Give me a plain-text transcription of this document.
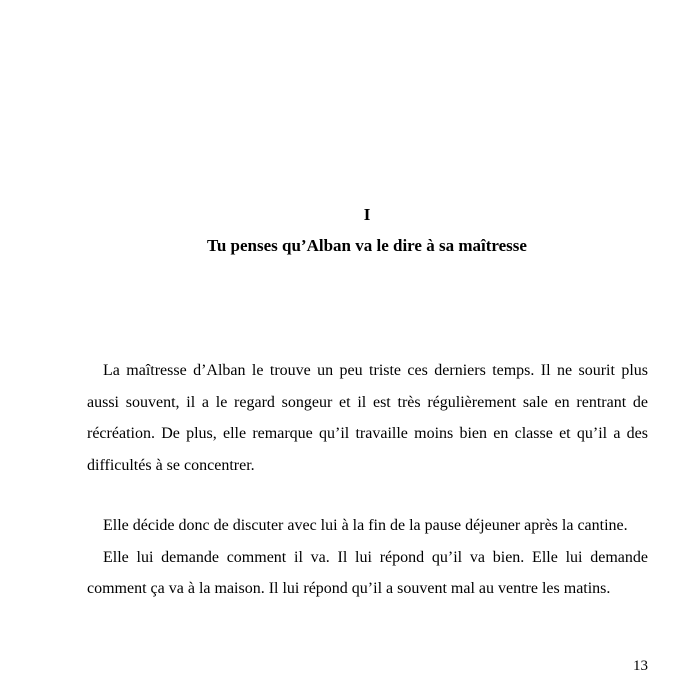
I
Tu penses qu’Alban va le dire à sa maîtresse

La maîtresse d’Alban le trouve un peu triste ces derniers temps. Il ne sourit plus aussi souvent, il a le regard songeur et il est très régulièrement sale en rentrant de récréation. De plus, elle remarque qu’il travaille moins bien en classe et qu’il a des difficultés à se concentrer.

Elle décide donc de discuter avec lui à la fin de la pause déjeuner après la cantine.

Elle lui demande comment il va. Il lui répond qu’il va bien. Elle lui demande comment ça va à la maison. Il lui répond qu’il a souvent mal au ventre les matins.

13
